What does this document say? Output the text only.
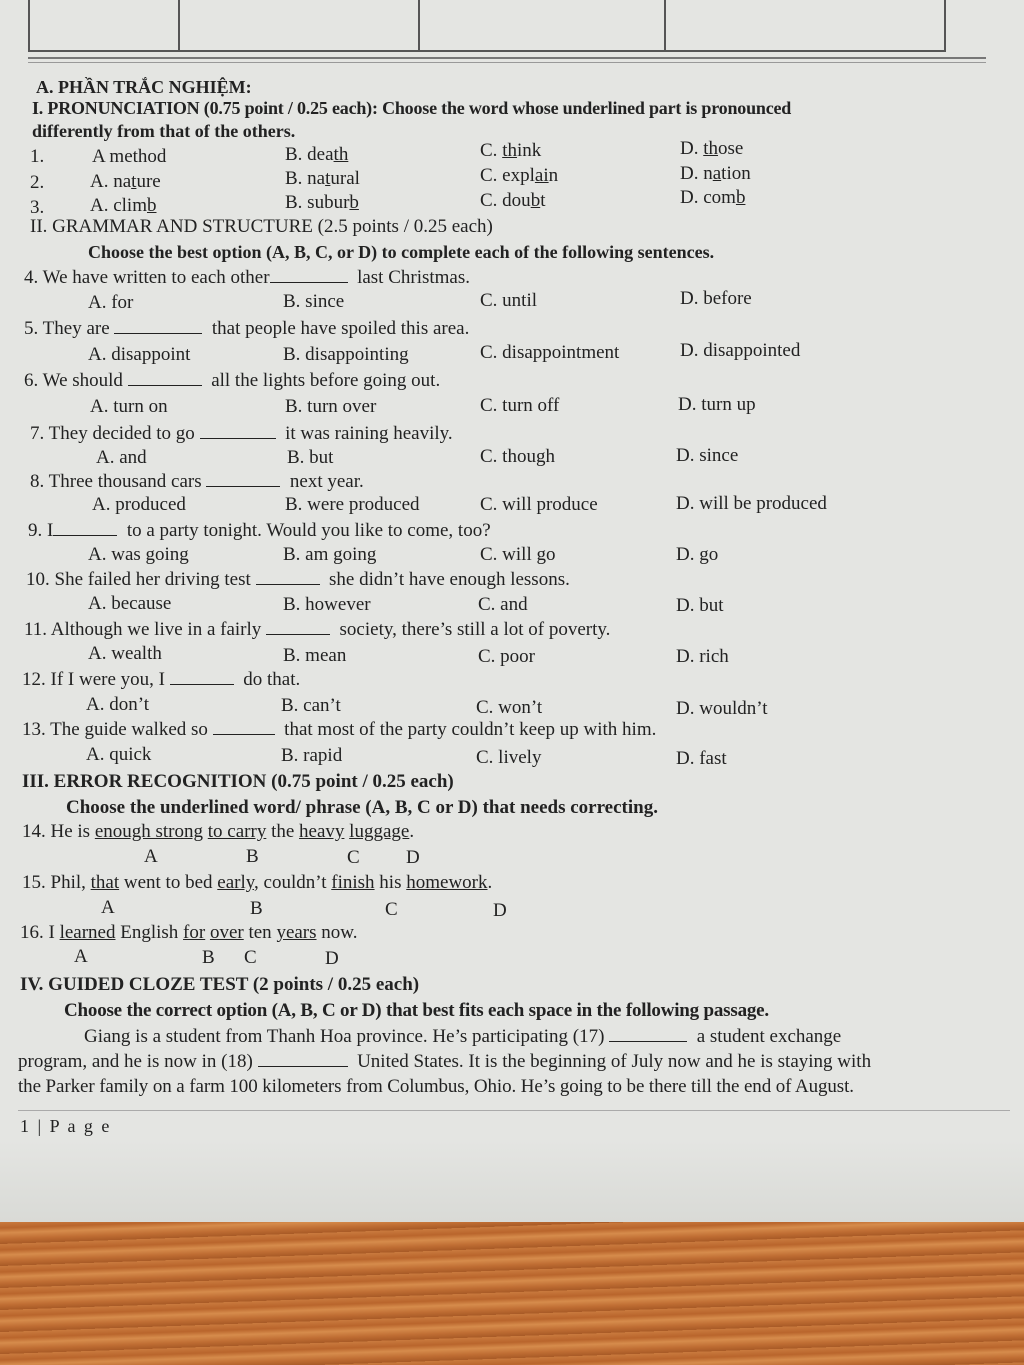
A. PHẦN TRẮC NGHIỆM:
I. PRONUNCIATION (0.75 point / 0.25 each): Choose the word whose underlined part is pronounced
differently from that of the others.
1.	A method	B. death	C. think	D. those
2. A. nature	B. natural	C. explain	D. nation
3. A. climb	B. suburb	C. doubt	D. comb
II. GRAMMAR AND STRUCTURE (2.5 points / 0.25 each)
Choose the best option (A, B, C, or D) to complete each of the following sentences.
4. We have written to each other	last Christmas.
A. for	B. since	C. until	D. before
5. They are	that people have spoiled this area.
A. disappoint	B. disappointing	C. disappointment	D. disappointed
6. We should	all the lights before going out.
A. turn on	B. turn over	C. turn off	D. turn up
7. They decided to go	it was raining heavily.
A. and	B. but	C. though	D. since
8. Three thousand cars	next year.
A. produced	B. were produced	C. will produce	D. will be produced
9. I	to a party tonight. Would you like to come, too?
A. was going	B. am going	C. will go	D. go
10. She failed her driving test	she didn’t have enough lessons.
A. because	B. however	C. and	D. but
11. Although we live in a fairly	society, there’s still a lot of poverty.
A. wealth	B. mean	C. poor	D. rich
12. If I were you, I	do that.
A. don’t	B. can’t	C. won’t	D. wouldn’t
13. The guide walked so	that most of the party couldn’t keep up with him.
A. quick	B. rapid	C. lively	D. fast
III. ERROR RECOGNITION (0.75 point / 0.25 each)
Choose the underlined word/ phrase (A, B, C or D) that needs correcting.
14. He is enough strong to carry the heavy luggage.
A	B	C D
15. Phil, that went to bed early, couldn’t finish his homework.
A	B	C	D
16. I learned English for over ten years now.
A	B C	D
IV. GUIDED CLOZE TEST (2 points / 0.25 each)
Choose the correct option (A, B, C or D) that best fits each space in the following passage.
Giang is a student from Thanh Hoa province. He’s participating (17)	a student exchange
program, and he is now in (18)	United States. It is the beginning of July now and he is staying with
the Parker family on a farm 100 kilometers from Columbus, Ohio. He’s going to be there till the end of August.
1 | P a g e
